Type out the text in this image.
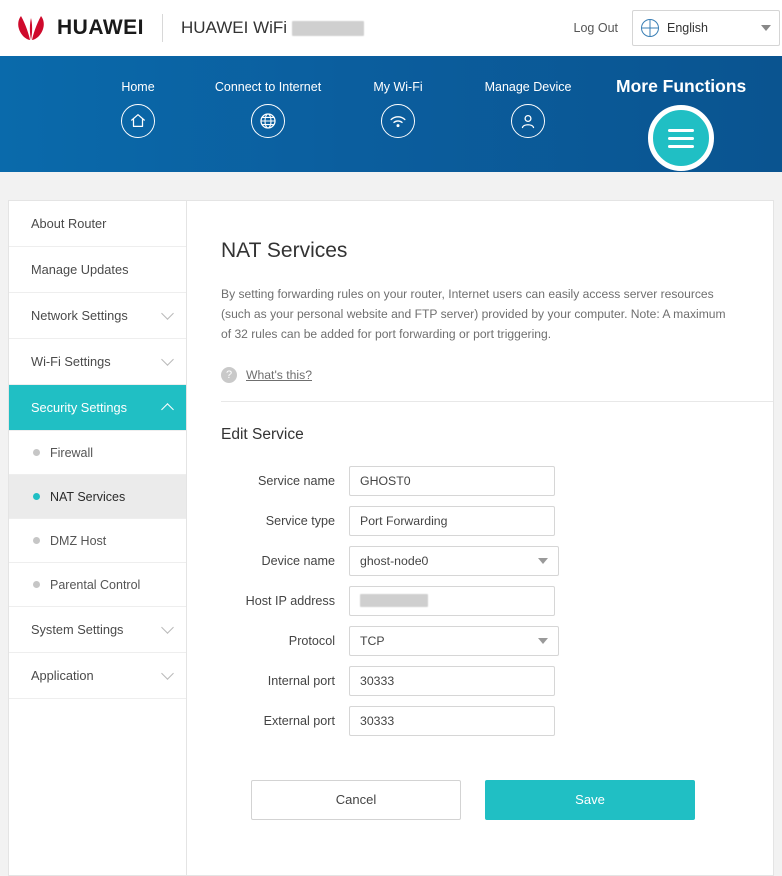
HUAWEI HUAWEI WiFi	Log Out	English
Home	Connect to Internet	My Wi-Fi	Manage Device	More Functions
About Router
Manage Updates
Network Settings
Wi-Fi Settings
Security Settings
Firewall
NAT Services
DMZ Host
Parental Control
System Settings
Application
NAT Services

By setting forwarding rules on your router, Internet users can easily access server resources (such as your personal website and FTP server) provided by your computer. Note: A maximum of 32 rules can be added for port forwarding or port triggering.

?	What's this?
Edit Service
Service name	GHOST0
Service type	Port Forwarding
Device name	ghost-node0
Host IP address
Protocol	TCP
Internal port	30333
External port	30333
Cancel	Save
